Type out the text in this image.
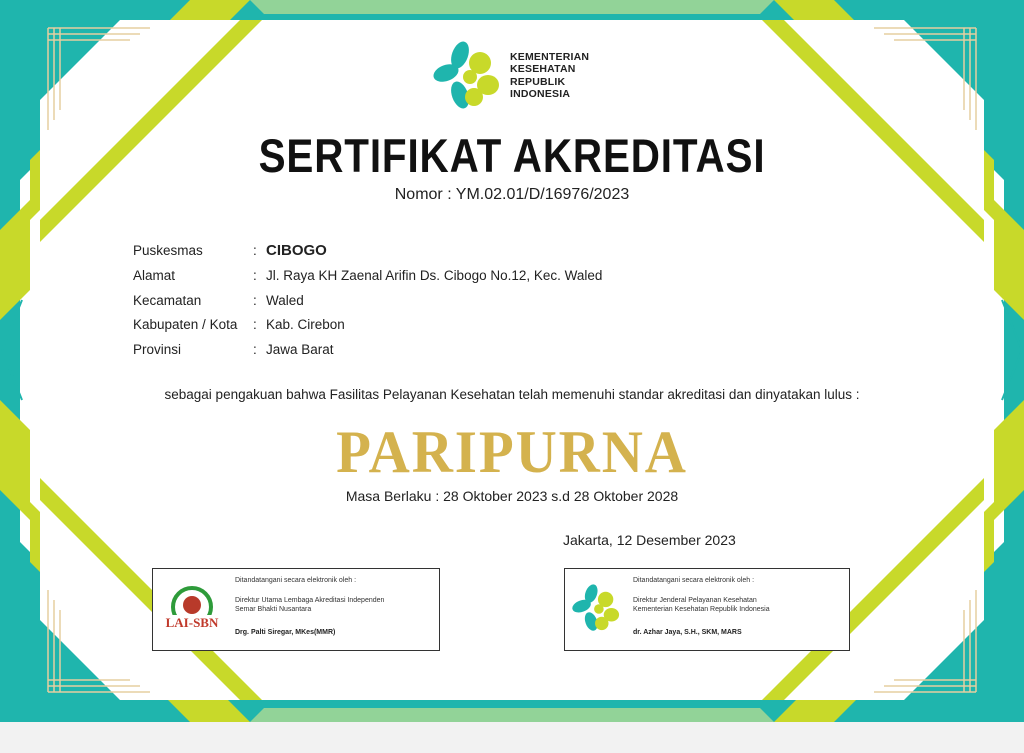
KEMENTERIAN
KESEHATAN
REPUBLIK
INDONESIA
SERTIFIKAT AKREDITASI
Nomor : YM.02.01/D/16976/2023
Puskesmas	: CIBOGO
Alamat	: Jl. Raya KH Zaenal Arifin Ds. Cibogo No.12, Kec. Waled
Kecamatan	: Waled
Kabupaten / Kota : Kab. Cirebon
Provinsi	: Jawa Barat
sebagai pengakuan bahwa Fasilitas Pelayanan Kesehatan telah memenuhi standar akreditasi dan dinyatakan lulus :
PARIPURNA
Masa Berlaku : 28 Oktober 2023 s.d 28 Oktober 2028
Jakarta, 12 Desember 2023
LAI-SBN
Ditandatangani secara elektronik oleh :
Direktur Utama Lembaga Akreditasi Independen
Semar Bhakti Nusantara
Drg. Palti Siregar, MKes(MMR)
Ditandatangani secara elektronik oleh :
Direktur Jenderal Pelayanan Kesehatan
Kementerian Kesehatan Republik Indonesia
dr. Azhar Jaya, S.H., SKM, MARS
